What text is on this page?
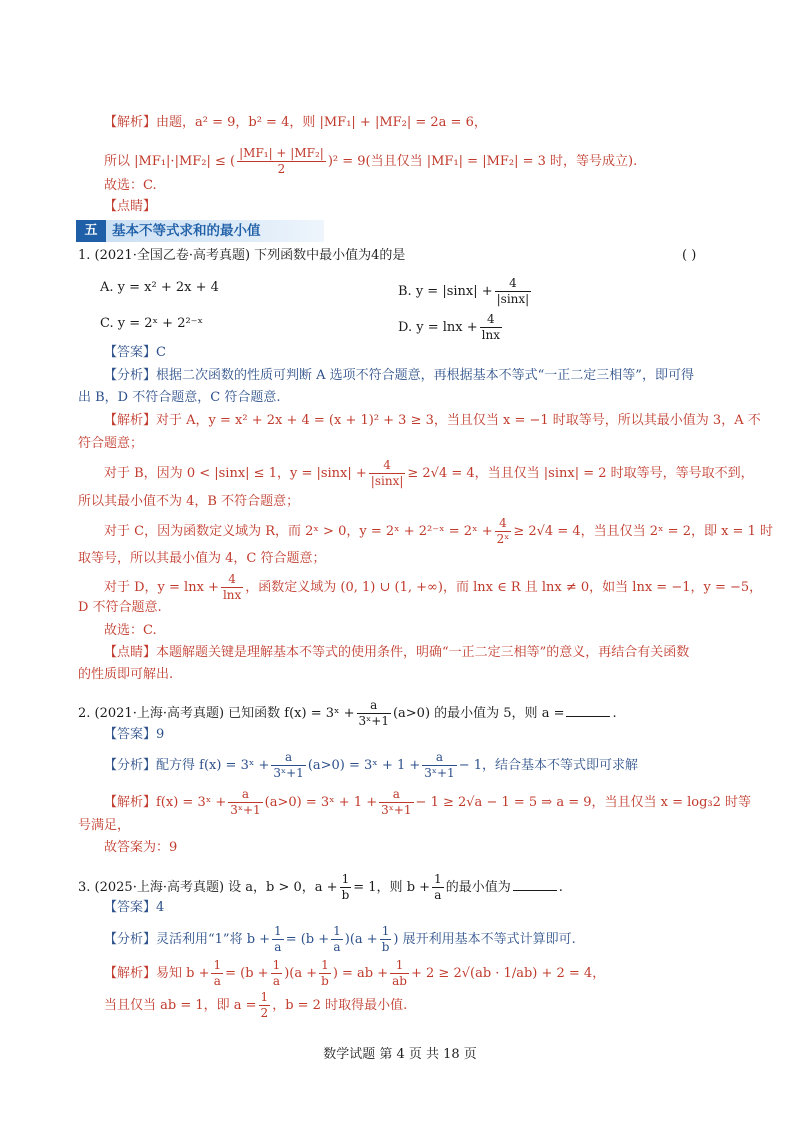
【解析】由题，a² = 9，b² = 4，则 |MF₁| + |MF₂| = 2a = 6，
所以 |MF₁|·|MF₂| ≤ ( $\frac{\text{|MF₁| + |MF₂|}}{2} )^2 = 9$(当且仅当 |MF₁| = |MF₂| = 3 时，等号成立).
故选：C.
【点睛】
五	基本不等式求和的最小值
1. (2021·全国乙卷·高考真题) 下列函数中最小值为4的是	( )
A. y = x² + 2x + 4	B. $y = |\sin x| + \frac{4}{|\sin x|}$
C. y = 2ˣ + 2²⁻ˣ	D. $y = \ln x + \frac{4}{\ln x}$
【答案】C
【分析】根据二次函数的性质可判断 A 选项不符合题意，再根据基本不等式“一正二定三相等”，即可得
出 B，D 不符合题意，C 符合题意.
【解析】对于 A，y = x² + 2x + 4 = (x + 1)² + 3 ≥ 3，当且仅当 x = −1 时取等号，所以其最小值为 3，A 不
符合题意；
对于 B，因为 0 < |sinx| ≤ 1，$y = |\sin x| + \frac{4}{|\sin x|} \ge 2√4 = 4$，当且仅当 |sinx| = 2 时取等号，等号取不到，
所以其最小值不为 4，B 不符合题意；
对于 C，因为函数定义域为 R，而 2ˣ > 0，y = 2ˣ + 2²⁻ˣ = 2ˣ + $\frac{4}{\text{2ˣ}} \ge 2√4 = 4$，当且仅当 2ˣ = 2，即 x = 1 时
取等号，所以其最小值为 4，C 符合题意；
对于 D，$y = \ln x + \frac{4}{\ln x}$ ，函数定义域为 (0, 1) ∪ (1, +∞)，而 lnx ∈ R 且 lnx ≠ 0，如当 lnx = −1，y = −5，
D 不符合题意.
故选：C.
【点睛】本题解题关键是理解基本不等式的使用条件，明确“一正二定三相等”的意义，再结合有关函数
的性质即可解出.
2. (2021·上海·高考真题) 已知函数 f(x) = 3ˣ + $\frac{a}{\text{3ˣ+1}} (a>0)$ 的最小值为 5，则 a =	.
【答案】9
【分析】配方得 f(x) = 3ˣ + $\frac{a}{\text{3ˣ+1}} (a>0)$ = 3ˣ + $1 + \frac{a}{\text{3ˣ+1}} - 1$，结合基本不等式即可求解
【解析】f(x) = 3ˣ + $\frac{a}{\text{3ˣ+1}} (a>0)$ = 3ˣ + $1 + \frac{a}{\text{3ˣ+1}} - 1 \ge 2√a - 1 = 5$ ⇒ a = 9，当且仅当 x = log₃2 时等
号满足，
故答案为：9
3. (2025·上海·高考真题) 设 a，b > 0，$a + \frac{1}{b} = 1$，则 $b + \frac{1}{a}$ 的最小值为	.
【答案】4
【分析】灵活利用“1”将 $b + \frac{1}{a} = (b + \frac{1}{a} )(a + \frac{1}{b}$ ) 展开利用基本不等式计算即可.
【解析】易知 $b + \frac{1}{a} = (b + \frac{1}{a} )(a + \frac{1}{b}$ ) = ab + $\frac{1}{ab} + 2 \ge 2√(ab \cdot 1/ab) + 2 = 4$，
当且仅当 ab = 1，即 $a = \frac{1}{2}$ ，b = 2 时取得最小值.
数学试题 第 4 页 共 18 页
